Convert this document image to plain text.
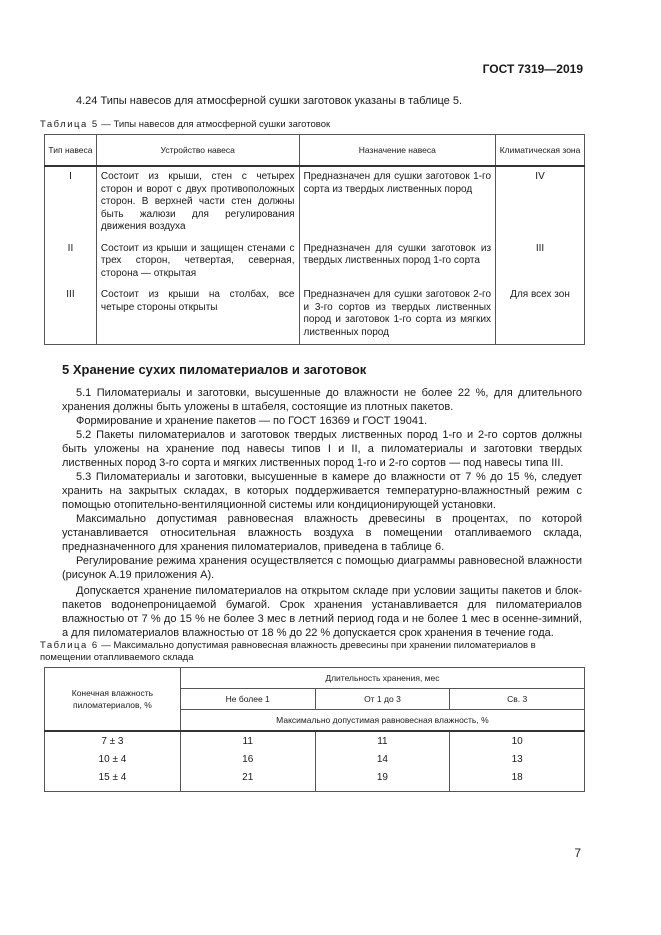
ГОСТ 7319—2019
4.24 Типы навесов для атмосферной сушки заготовок указаны в таблице 5.
Таблица 5 — Типы навесов для атмосферной сушки заготовок
Тип навеса	Устройство навеса	Назначение навеса	Климатическая зона
I	Состоит из крыши, стен с четырех сторон и ворот с двух противоположных сторон. В верхней части стен должны быть жалюзи для регулирования движения воздуха	Предназначен для сушки заготовок 1-го сорта из твердых лиственных пород	IV
II	Состоит из крыши и защищен стенами с трех сторон, четвертая, северная, сторона — открытая	Предназначен для сушки заготовок из твердых лиственных пород 1-го сорта	III
III	Состоит из крыши на столбах, все четыре стороны открыты	Предназначен для сушки заготовок 2-го и 3-го сортов из твердых лиственных пород и заготовок 1-го сорта из мягких лиственных пород	Для всех зон
5 Хранение сухих пиломатериалов и заготовок
5.1 Пиломатериалы и заготовки, высушенные до влажности не более 22 %, для длительного хранения должны быть уложены в штабеля, состоящие из плотных пакетов.
Формирование и хранение пакетов — по ГОСТ 16369 и ГОСТ 19041.
5.2 Пакеты пиломатериалов и заготовок твердых лиственных пород 1-го и 2-го сортов должны быть уложены на хранение под навесы типов I и II, а пиломатериалы и заготовки твердых лиственных пород 3-го сорта и мягких лиственных пород 1-го и 2-го сортов — под навесы типа III.
5.3 Пиломатериалы и заготовки, высушенные в камере до влажности от 7 % до 15 %, следует хранить на закрытых складах, в которых поддерживается температурно-влажностный режим с помощью отопительно-вентиляционной системы или кондиционирующей установки.
Максимально допустимая равновесная влажность древесины в процентах, по которой устанавливается относительная влажность воздуха в помещении отапливаемого склада, предназначенного для хранения пиломатериалов, приведена в таблице 6.
Регулирование режима хранения осуществляется с помощью диаграммы равновесной влажности (рисунок А.19 приложения А).
Допускается хранение пиломатериалов на открытом складе при условии защиты пакетов и блок-пакетов водонепроницаемой бумагой. Срок хранения устанавливается для пиломатериалов влажностью от 7 % до 15 % не более 3 мес в летний период года и не более 1 мес в осенне-зимний, а для пиломатериалов влажностью от 18 % до 22 % допускается срок хранения в течение года.
Таблица 6 — Максимально допустимая равновесная влажность древесины при хранении пиломатериалов в помещении отапливаемого склада
Конечная влажность пиломатериалов, %	Длительность хранения, мес		
	Не более 1	От 1 до 3	Св. 3
	Максимально допустимая равновесная влажность, %		
7 ± 3	11	11	10
10 ± 4	16	14	13
15 ± 4	21	19	18
7
